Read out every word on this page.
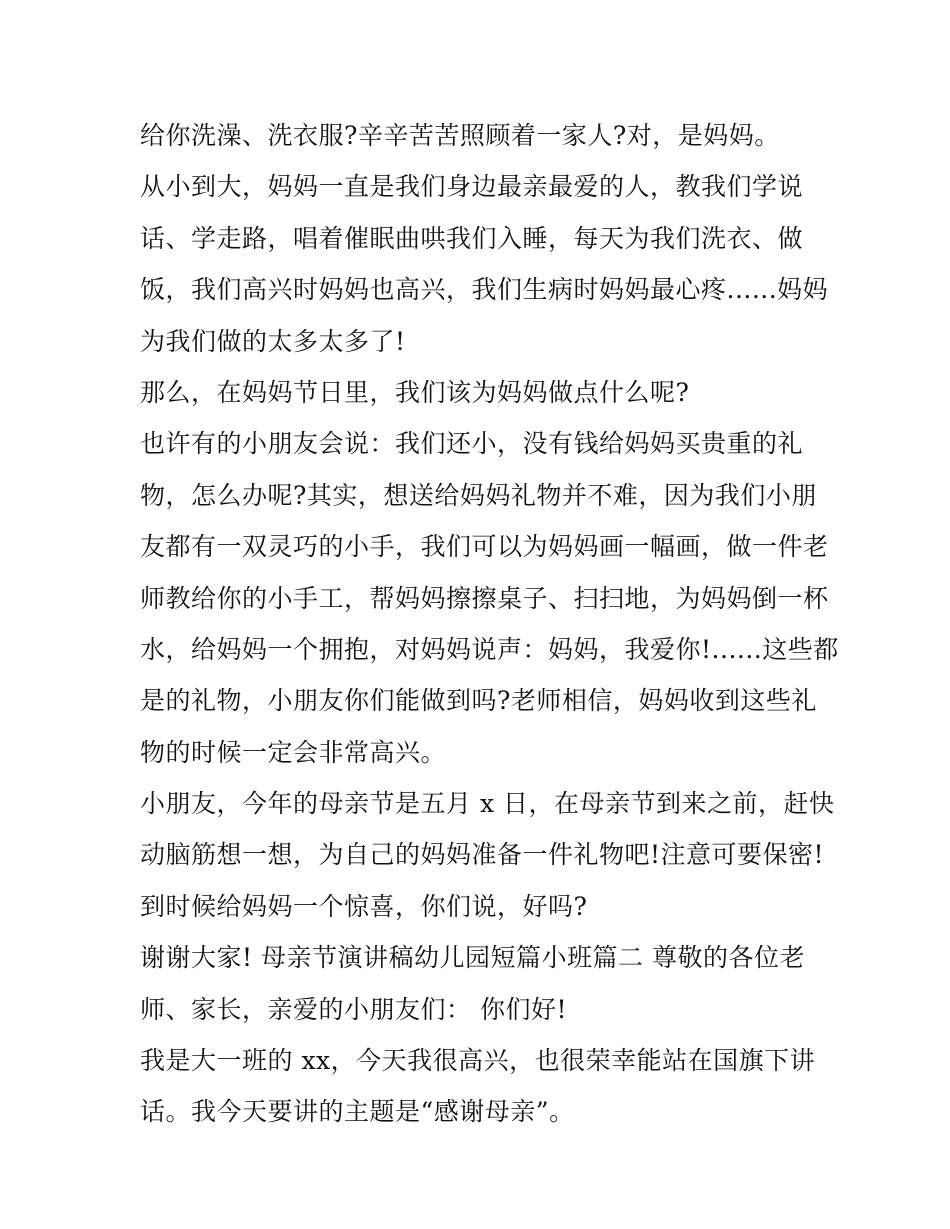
给你洗澡、洗衣服?辛辛苦苦照顾着一家人?对，是妈妈。
从小到大，妈妈一直是我们身边最亲最爱的人，教我们学说
话、学走路，唱着催眠曲哄我们入睡，每天为我们洗衣、做
饭，我们高兴时妈妈也高兴，我们生病时妈妈最心疼......妈妈
为我们做的太多太多了!
那么，在妈妈节日里，我们该为妈妈做点什么呢?
也许有的小朋友会说：我们还小，没有钱给妈妈买贵重的礼
物，怎么办呢?其实，想送给妈妈礼物并不难，因为我们小朋
友都有一双灵巧的小手，我们可以为妈妈画一幅画，做一件老
师教给你的小手工，帮妈妈擦擦桌子、扫扫地，为妈妈倒一杯
水，给妈妈一个拥抱，对妈妈说声：妈妈，我爱你!......这些都
是的礼物，小朋友你们能做到吗?老师相信，妈妈收到这些礼
物的时候一定会非常高兴。
小朋友，今年的母亲节是五月 x 日，在母亲节到来之前，赶快
动脑筋想一想，为自己的妈妈准备一件礼物吧!注意可要保密!
到时候给妈妈一个惊喜，你们说，好吗?
谢谢大家! 母亲节演讲稿幼儿园短篇小班篇二 尊敬的各位老
师、家长，亲爱的小朋友们： 你们好!
我是大一班的 xx，今天我很高兴，也很荣幸能站在国旗下讲
话。我今天要讲的主题是“感谢母亲”。
